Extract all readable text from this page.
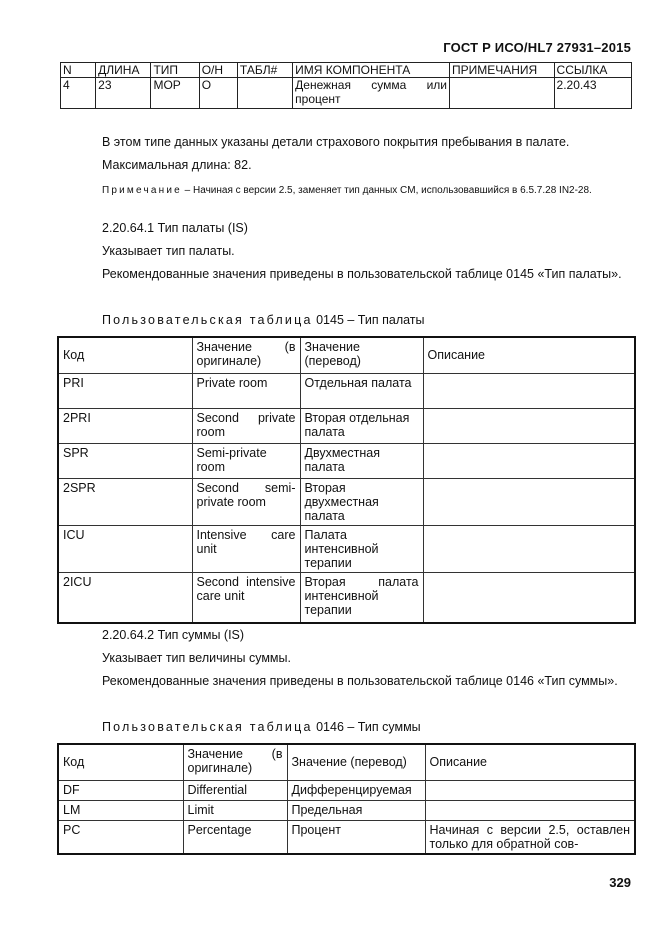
ГОСТ Р ИСО/HL7 27931–2015
N	ДЛИНА	ТИП	О/Н	ТАБЛ#	ИМЯ КОМПОНЕНТА	ПРИМЕЧАНИЯ	ССЫЛКА
4	23	MOP	O		Денежная сумма или процент		2.20.43
В этом типе данных указаны детали страхового покрытия пребывания в палате.
Максимальная длина: 82.
Примечание – Начиная с версии 2.5, заменяет тип данных CM, использовавшийся в 6.5.7.28 IN2-28.
2.20.64.1 Тип палаты (IS)
Указывает тип палаты.
Рекомендованные значения приведены в пользовательской таблице 0145 «Тип палаты».
Пользовательская таблица 0145 – Тип палаты
Код	Значение (в оригинале)	Значение (перевод)	Описание
PRI	Private room	Отдельная палата	
2PRI	Second private room	Вторая отдельная палата	
SPR	Semi-private room	Двухместная палата	
2SPR	Second semi-private room	Вторая двухместная палата	
ICU	Intensive care unit	Палата интенсивной терапии	
2ICU	Second intensive care unit	Вторая палата интенсивной терапии	
2.20.64.2 Тип суммы (IS)
Указывает тип величины суммы.
Рекомендованные значения приведены в пользовательской таблице 0146 «Тип суммы».
Пользовательская таблица 0146 – Тип суммы
Код	Значение (в оригинале)	Значение (перевод)	Описание
DF	Differential	Дифференцируемая	
LM	Limit	Предельная	
PC	Percentage	Процент	Начиная с версии 2.5, оставлен только для обратной сов-
329
